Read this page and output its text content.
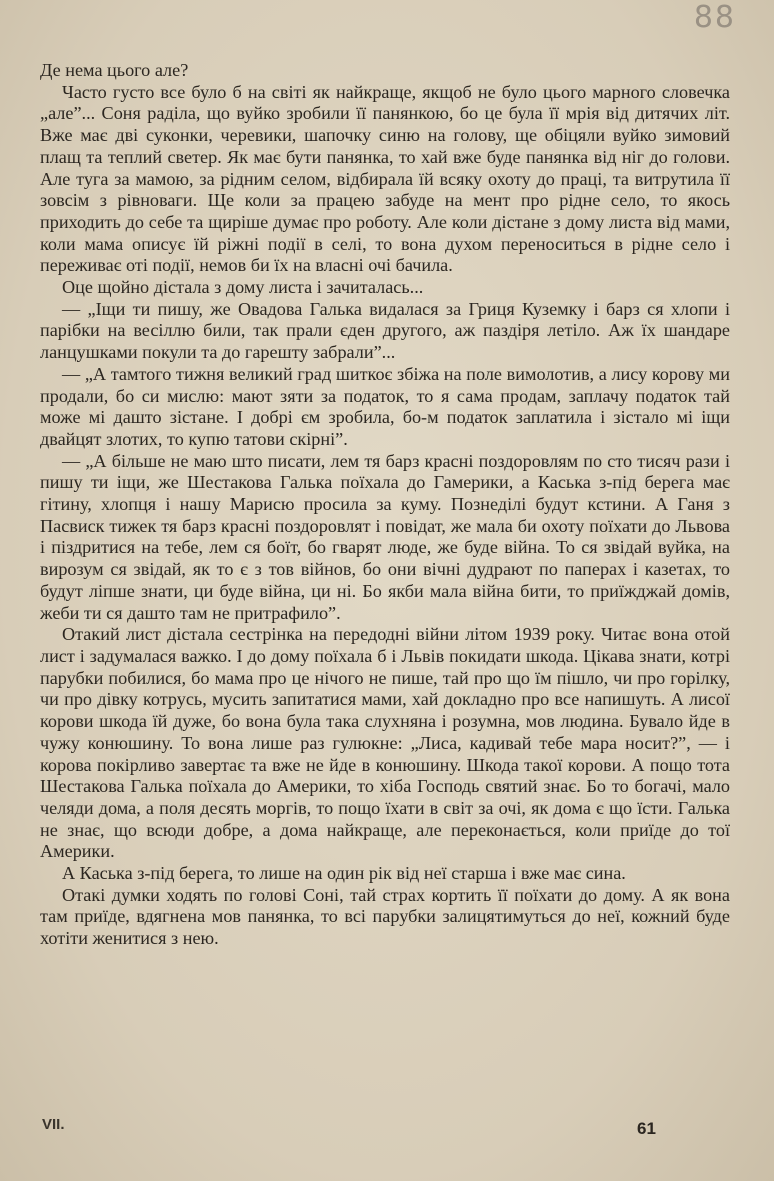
88

Де нема цього але?

Часто густо все було б на світі як найкраще, якщоб не було цього марного словечка „але”... Соня раділа, що вуйко зробили її панянкою, бо це була її мрія від дитячих літ. Вже має дві суконки, черевики, шапочку синю на голову, ще обіцяли вуйко зимовий плащ та теплий светер. Як має бути панянка, то хай вже буде панянка від ніг до голови. Але туга за мамою, за рідним селом, відбирала їй всяку охоту до праці, та витрутила її зовсім з рівноваги. Ще коли за працею забуде на мент про рідне село, то якось приходить до себе та щиріше думає про роботу. Але коли дістане з дому листа від мами, коли мама описує їй ріжні події в селі, то вона духом переноситься в рідне село і переживає оті події, немов би їх на власні очі бачила.

Оце щойно дістала з дому листа і зачиталась...

— „Іщи ти пишу, же Овадова Галька видалася за Гриця Куземку і барз ся хлопи і парібки на весіллю били, так прали єден другого, аж паздіря летіло. Аж їх шандаре ланцушками покули та до гарешту забрали”...

— „А тамтого тижня великий град шиткоє збіжа на поле вимолотив, а лису корову ми продали, бо си мислю: мают зяти за податок, то я сама продам, заплачу податок тай може мі дашто зістане. І добрі єм зробила, бо-м податок заплатила і зістало мі іщи двайцят злотих, то купю татови скірні”.

— „А більше не маю што писати, лем тя барз красні поздоровлям по сто тисяч рази і пишу ти іщи, же Шестакова Галька поїхала до Гамерики, а Каська з-під берега має гітину, хлопця і нашу Марисю просила за куму. Познеділі будут кстини. А Ганя з Пасвиск тижек тя барз красні поздоровлят і повідат, же мала би охоту поїхати до Львова і піздритися на тебе, лем ся боїт, бо гварят люде, же буде війна. То ся звідай вуйка, на вирозум ся звідай, як то є з тов війнов, бо они вічні дудрают по паперах і казетах, то будут ліпше знати, ци буде війна, ци ні. Бо якби мала війна бити, то приїжджай домів, жеби ти ся дашто там не притрафило”.

Отакий лист дістала сестрінка на передодні війни літом 1939 року. Читає вона отой лист і задумалася важко. І до дому поїхала б і Львів покидати шкода. Цікава знати, котрі парубки побилися, бо мама про це нічого не пише, тай про що їм пішло, чи про горілку, чи про дівку котрусь, мусить запитатися мами, хай докладно про все напишуть. А лисої корови шкода їй дуже, бо вона була така слухняна і розумна, мов людина. Бувало йде в чужу конюшину. То вона лише раз гулюкне: „Лиса, кадивай тебе мара носит?”, — і корова покірливо завертає та вже не йде в конюшину. Шкода такої корови. А пощо тота Шестакова Галька поїхала до Америки, то хіба Господь святий знає. Бо то богачі, мало челяди дома, а поля десять моргів, то пощо їхати в світ за очі, як дома є що їсти. Галька не знає, що всюди добре, а дома найкраще, але переконається, коли приїде до тої Америки.

А Каська з-під берега, то лише на один рік від неї старша і вже має сина.

Отакі думки ходять по голові Соні, тай страх кортить її поїхати до дому. А як вона там приїде, вдягнена мов панянка, то всі парубки залицятимуться до неї, кожний буде хотіти женитися з нею.

VII.	61
